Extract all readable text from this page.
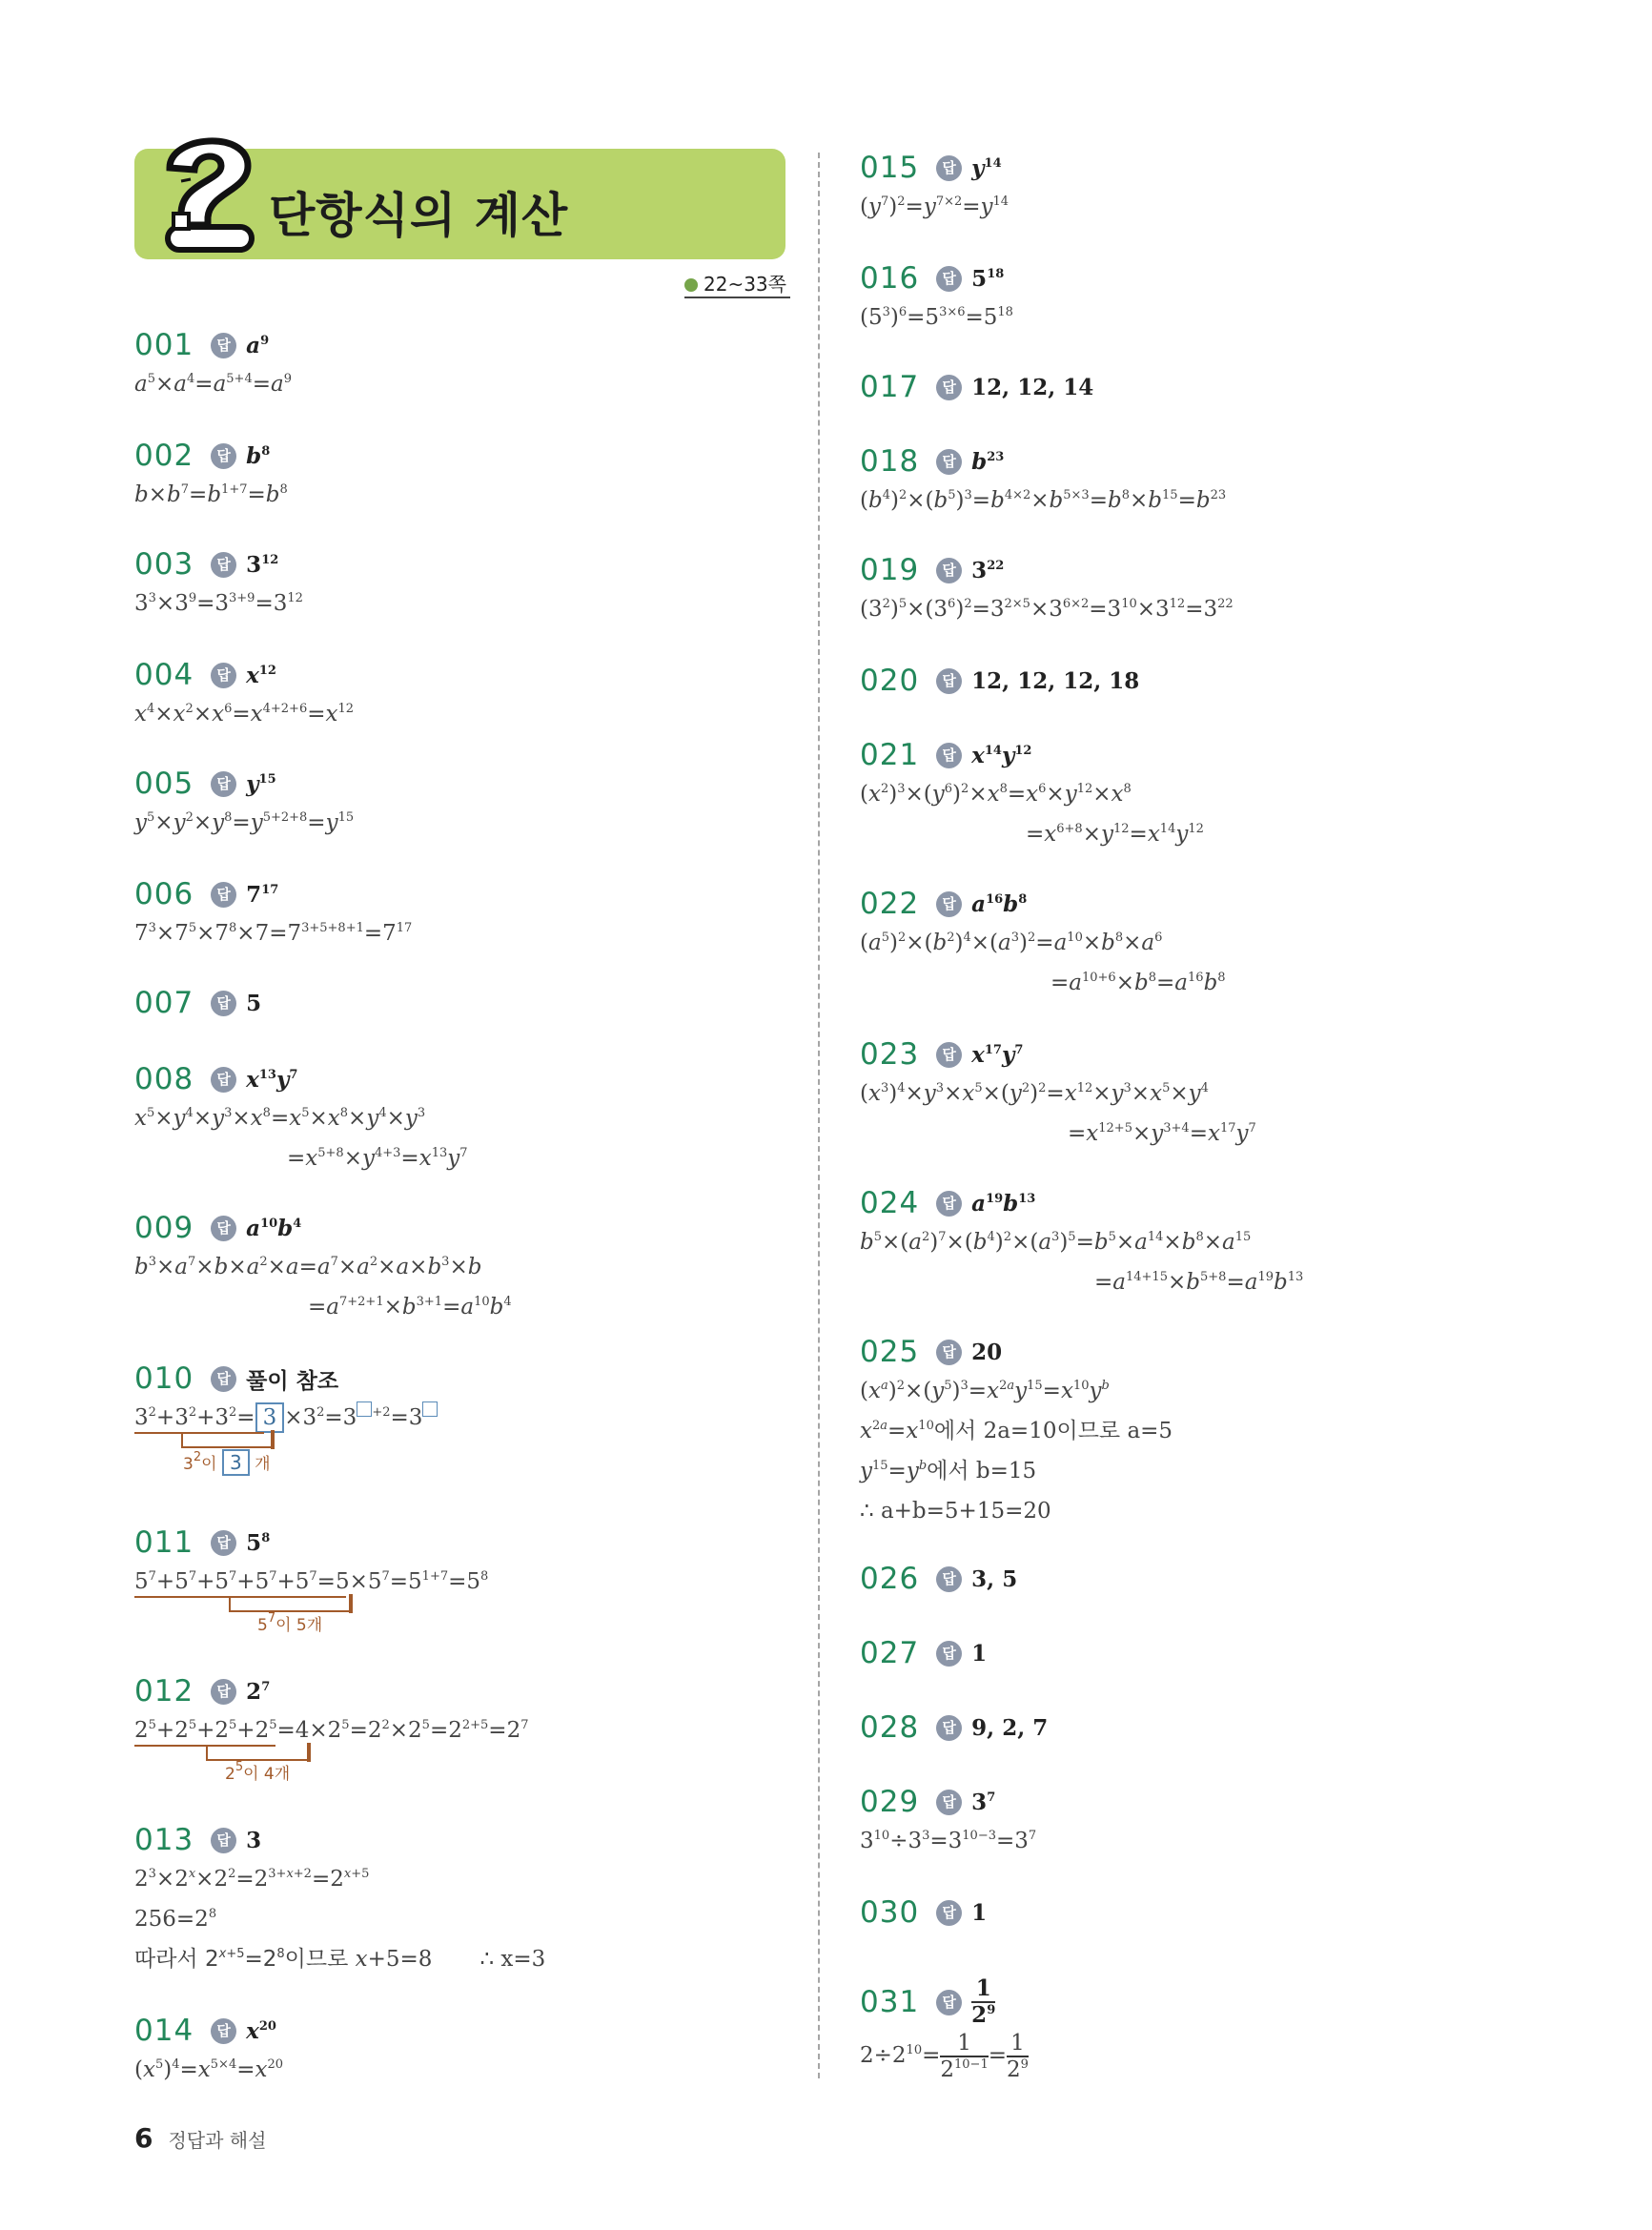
단항식의 계산
22~33쪽
001	답 $a^9$
$a^5\times a^4=a^{5+4}=a^9$
002	답 $b^8$
$b\times b^7=b^{1+7}=b^8$
003	답 $3^{12}$
$3^3\times 3^9=3^{3+9}=3^{12}$
004	답 $x^{12}$
$x^4\times x^2\times x^6=x^{4+2+6}=x^{12}$
005	답 $y^{15}$
$y^5\times y^2\times y^8=y^{5+2+8}=y^{15}$
006	답 $7^{17}$
$7^3\times 7^5\times 7^8\times 7=7^{3+5+8+1}=7^{17}$
007	답 5
008	답 $x^{13}y^7$
$x^5\times y^4\times y^3\times x^8=x^5\times x^8\times y^4\times y^3$
$=x^{5+8}\times y^{4+3}=x^{13}y^7$
009	답 $a^{10}b^4$
$b^3\times a^7\times b\times a^2\times a=a^7\times a^2\times a\times b^3\times b$
$=a^{7+2+1}\times b^{3+1}=a^{10}b^4$
010	답 풀이 참조
$3^2+3^2+3^2= 3 \times 3^2=3$ $^{+2}$=3
$3^2$이 3 개
011	답 $5^8$
$5^7+5^7+5^7+5^7+5^7=5\times 5^7=5^{1+7}=5^8$
$5^7$이 5개
012	답 $2^7$
$2^5+2^5+2^5+2^5=4\times 2^5=2^2\times 2^5=2^{2+5}=2^7$
$2^5$이 4개
013	답 3
$2^3\times 2^x\times 2^2=2^{3+x+2}=2^{x+5}$
$256=2^8$
따라서 $2^{x+5}=2^8$이므로 x+5=8 ∴ x=3
014	답 $x^{20}$
$(x^5)^4=x^{5\times 4}=x^{20}$
015	답 $y^{14}$
$(y^7)^2=y^{7\times 2}=y^{14}$
016	답 $5^{18}$
$(5^3)^6=5^{3\times 6}=5^{18}$
017	답 12, 12, 14
018	답 $b^{23}$
$(b^4)^2\times(b^5)^3=b^{4\times 2}\times b^{5\times 3}=b^8\times b^{15}=b^{23}$
019	답 $3^{22}$
$(3^2)^5\times(3^6)^2=3^{2\times 5}\times 3^{6\times 2}=3^{10}\times 3^{12}=3^{22}$
020	답 12, 12, 12, 18
021	답 $x^{14}y^{12}$
$(x^2)^3\times(y^6)^2\times x^8=x^6\times y^{12}\times x^8$
$=x^{6+8}\times y^{12}=x^{14}y^{12}$
022	답 $a^{16}b^8$
$(a^5)^2\times(b^2)^4\times(a^3)^2=a^{10}\times b^8\times a^6$
$=a^{10+6}\times b^8=a^{16}b^8$
023	답 $x^{17}y^7$
$(x^3)^4\times y^3\times x^5\times(y^2)^2=x^{12}\times y^3\times x^5\times y^4$
$=x^{12+5}\times y^{3+4}=x^{17}y^7$
024	답 $a^{19}b^{13}$
$b^5\times(a^2)^7\times(b^4)^2\times(a^3)^5=b^5\times a^{14}\times b^8\times a^{15}$
$=a^{14+15}\times b^{5+8}=a^{19}b^{13}$
025	답 20
$(x^a)^2\times(y^5)^3=x^{2a}y^{15}=x^{10}y^b$
$x^{2a}=x^{10}$에서 2a=10이므로 a=5
$y^{15}=y^b$에서 b=15
∴ a+b=5+15=20
026	답 3, 5
027	답 1
028	답 9, 2, 7
029	답 $3^7$
$3^{10}\div 3^3=3^{10-3}=3^7$
030	답 1
031	답 $\frac{1}{2^9}$
$2\div 2^{10}= \frac{1}{2^{10-1}} = \frac{1}{2^9}$
6 정답과 해설
